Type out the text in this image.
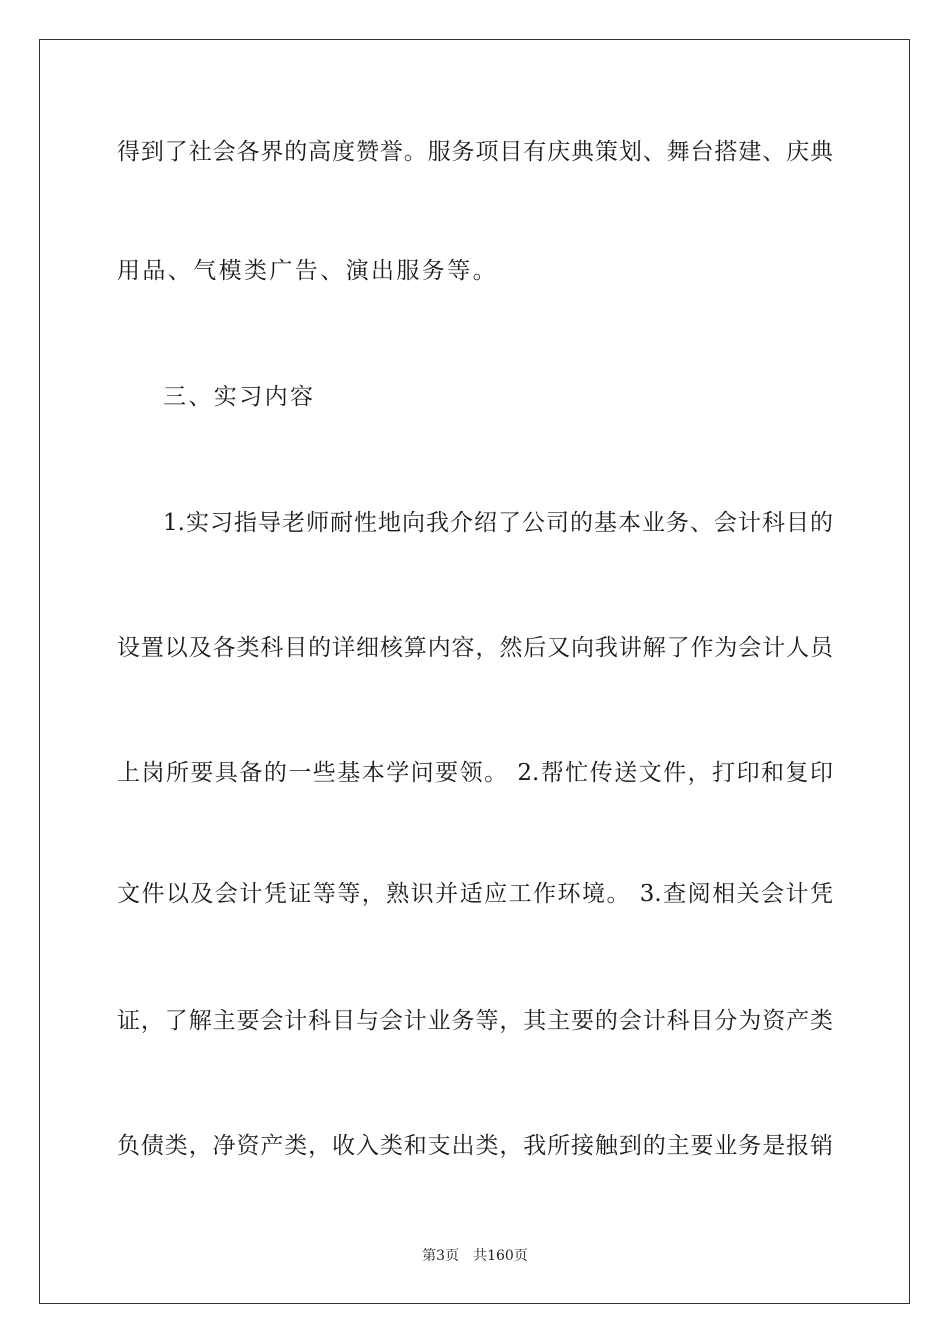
得到了社会各界的高度赞誉。服务项目有庆典策划、舞台搭建、庆典
用品、气模类广告、演出服务等。
三、实习内容
1.实习指导老师耐性地向我介绍了公司的基本业务、会计科目的
设置以及各类科目的详细核算内容，然后又向我讲解了作为会计人员
上岗所要具备的一些基本学问要领。 2.帮忙传送文件，打印和复印
文件以及会计凭证等等，熟识并适应工作环境。 3.查阅相关会计凭
证，了解主要会计科目与会计业务等，其主要的会计科目分为资产类
负债类，净资产类，收入类和支出类，我所接触到的主要业务是报销
第3页 共160页
